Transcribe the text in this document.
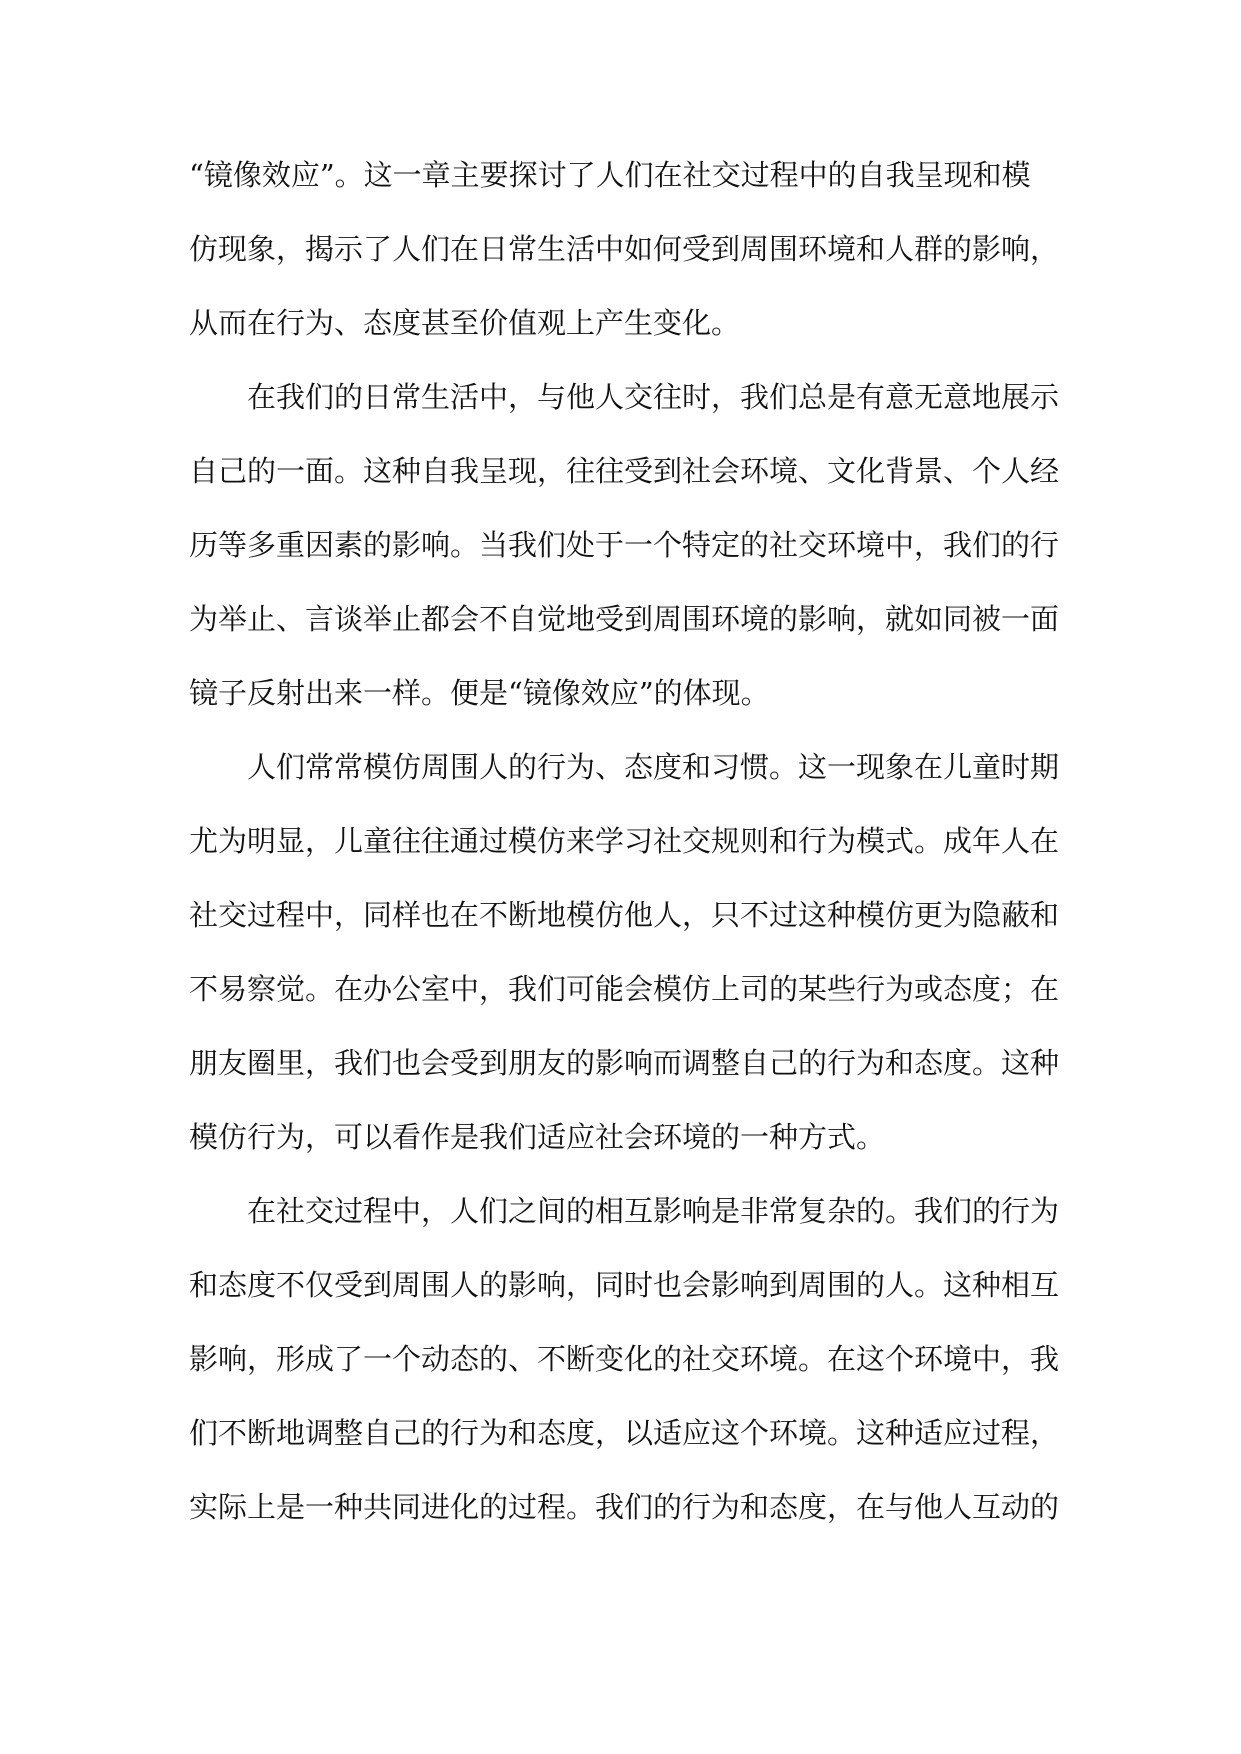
“镜像效应”。这一章主要探讨了人们在社交过程中的自我呈现和模
仿现象，揭示了人们在日常生活中如何受到周围环境和人群的影响，
从而在行为、态度甚至价值观上产生变化。
在我们的日常生活中，与他人交往时，我们总是有意无意地展示
自己的一面。这种自我呈现，往往受到社会环境、文化背景、个人经
历等多重因素的影响。当我们处于一个特定的社交环境中，我们的行
为举止、言谈举止都会不自觉地受到周围环境的影响，就如同被一面
镜子反射出来一样。便是“镜像效应”的体现。
人们常常模仿周围人的行为、态度和习惯。这一现象在儿童时期
尤为明显，儿童往往通过模仿来学习社交规则和行为模式。成年人在
社交过程中，同样也在不断地模仿他人，只不过这种模仿更为隐蔽和
不易察觉。在办公室中，我们可能会模仿上司的某些行为或态度；在
朋友圈里，我们也会受到朋友的影响而调整自己的行为和态度。这种
模仿行为，可以看作是我们适应社会环境的一种方式。
在社交过程中，人们之间的相互影响是非常复杂的。我们的行为
和态度不仅受到周围人的影响，同时也会影响到周围的人。这种相互
影响，形成了一个动态的、不断变化的社交环境。在这个环境中，我
们不断地调整自己的行为和态度，以适应这个环境。这种适应过程，
实际上是一种共同进化的过程。我们的行为和态度，在与他人互动的
